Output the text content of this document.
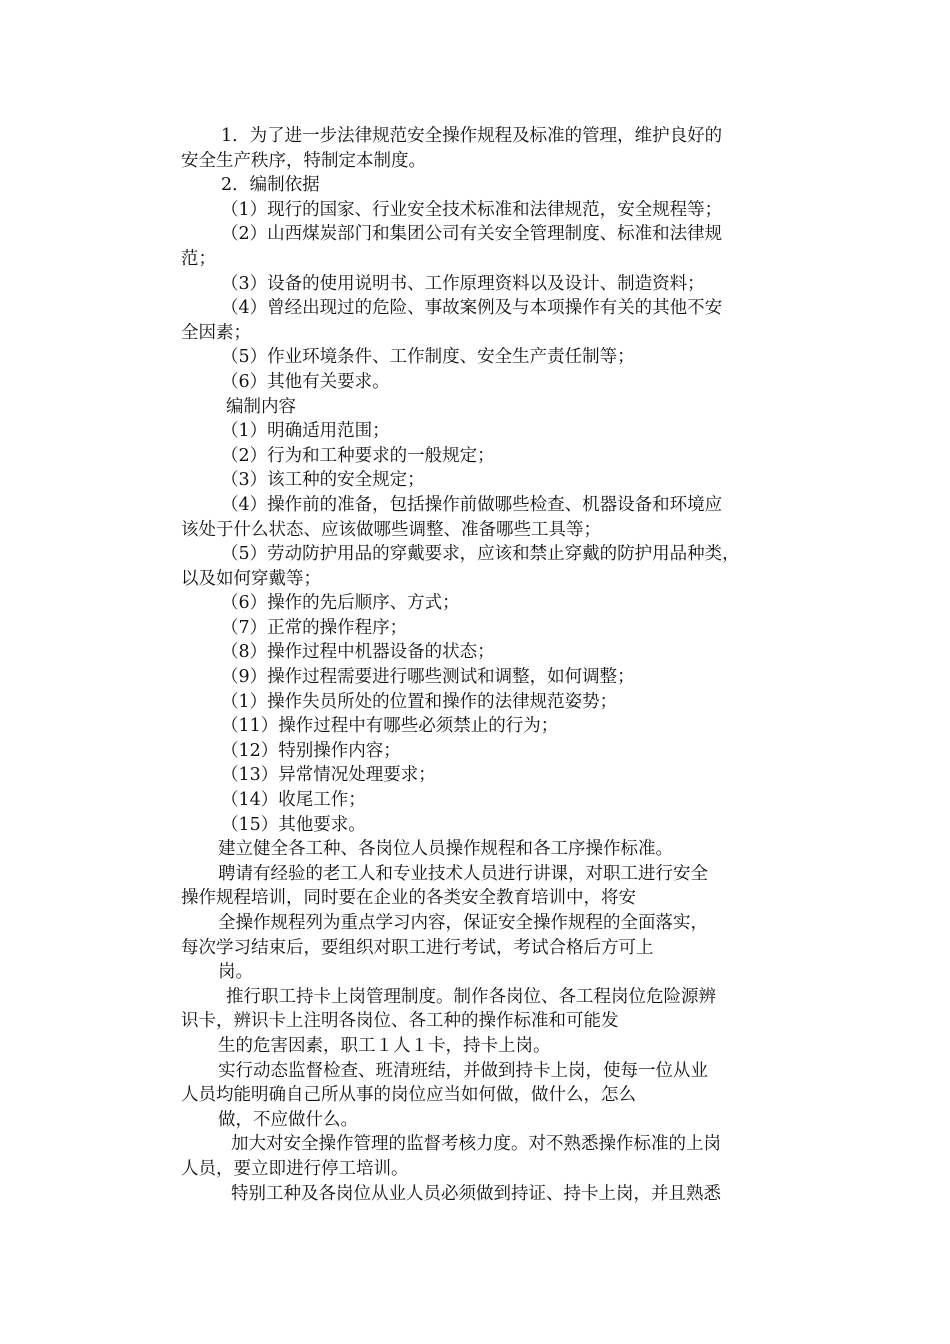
1．为了进一步法律规范安全操作规程及标准的管理，维护良好的
安全生产秩序，特制定本制度。
2．编制依据
（1）现行的国家、行业安全技术标准和法律规范，安全规程等；
（2）山西煤炭部门和集团公司有关安全管理制度、标准和法律规
范；
（3）设备的使用说明书、工作原理资料以及设计、制造资料；
（4）曾经出现过的危险、事故案例及与本项操作有关的其他不安
全因素；
（5）作业环境条件、工作制度、安全生产责任制等；
（6）其他有关要求。
编制内容
（1）明确适用范围；
（2）行为和工种要求的一般规定；
（3）该工种的安全规定；
（4）操作前的准备，包括操作前做哪些检查、机器设备和环境应
该处于什么状态、应该做哪些调整、准备哪些工具等；
（5）劳动防护用品的穿戴要求，应该和禁止穿戴的防护用品种类，
以及如何穿戴等；
（6）操作的先后顺序、方式；
（7）正常的操作程序；
（8）操作过程中机器设备的状态；
（9）操作过程需要进行哪些测试和调整，如何调整；
（1）操作失员所处的位置和操作的法律规范姿势；
（11）操作过程中有哪些必须禁止的行为；
（12）特别操作内容；
（13）异常情况处理要求；
（14）收尾工作；
（15）其他要求。
建立健全各工种、各岗位人员操作规程和各工序操作标准。
聘请有经验的老工人和专业技术人员进行讲课，对职工进行安全
操作规程培训，同时要在企业的各类安全教育培训中，将安
全操作规程列为重点学习内容，保证安全操作规程的全面落实，
每次学习结束后，要组织对职工进行考试，考试合格后方可上
岗。
推行职工持卡上岗管理制度。制作各岗位、各工程岗位危险源辨
识卡，辨识卡上注明各岗位、各工种的操作标准和可能发
生的危害因素，职工１人１卡，持卡上岗。
实行动态监督检查、班清班结，并做到持卡上岗，使每一位从业
人员均能明确自己所从事的岗位应当如何做，做什么，怎么
做，不应做什么。
加大对安全操作管理的监督考核力度。对不熟悉操作标准的上岗
人员，要立即进行停工培训。
特别工种及各岗位从业人员必须做到持证、持卡上岗，并且熟悉
